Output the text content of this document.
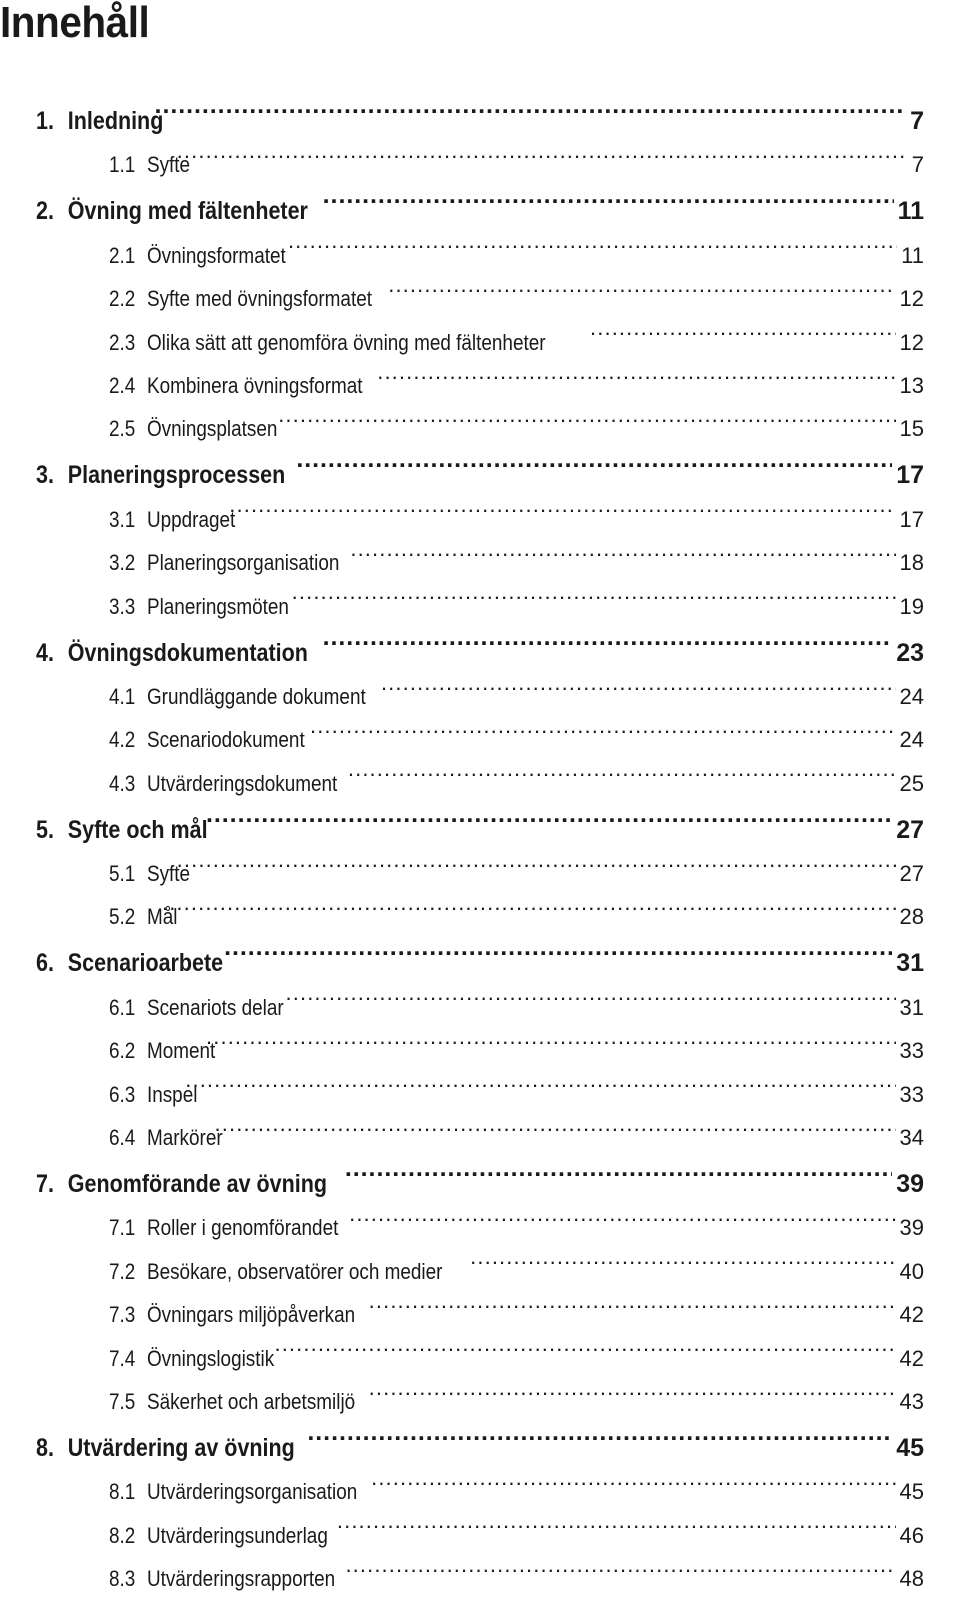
Innehåll
1. Inledning . . .	7
1.1 Syfte . . .	7
2. Övning med fältenheter . . .	11
2.1 Övningsformatet . . .	11
2.2 Syfte med övningsformatet . . .	12
2.3 Olika sätt att genomföra övning med fältenheter . . .	12
2.4 Kombinera övningsformat . . .	13
2.5 Övningsplatsen . . .	15
3. Planeringsprocessen . . .	17
3.1 Uppdraget . . .	17
3.2 Planeringsorganisation . . .	18
3.3 Planeringsmöten . . .	19
4. Övningsdokumentation . . .	23
4.1 Grundläggande dokument . . .	24
4.2 Scenariodokument . . .	24
4.3 Utvärderingsdokument . . .	25
5. Syfte och mål . . .	27
5.1 Syfte . . .	27
5.2 Mål . . .	28
6. Scenarioarbete . . .	31
6.1 Scenariots delar . . .	31
6.2 Moment . . .	33
6.3 Inspel . . .	33
6.4 Markörer . . .	34
7. Genomförande av övning . . .	39
7.1 Roller i genomförandet . . .	39
7.2 Besökare, observatörer och medier . . .	40
7.3 Övningars miljöpåverkan . . .	42
7.4 Övningslogistik . . .	42
7.5 Säkerhet och arbetsmiljö . . .	43
8. Utvärdering av övning . . .	45
8.1 Utvärderingsorganisation . . .	45
8.2 Utvärderingsunderlag . . .	46
8.3 Utvärderingsrapporten . . .	48
